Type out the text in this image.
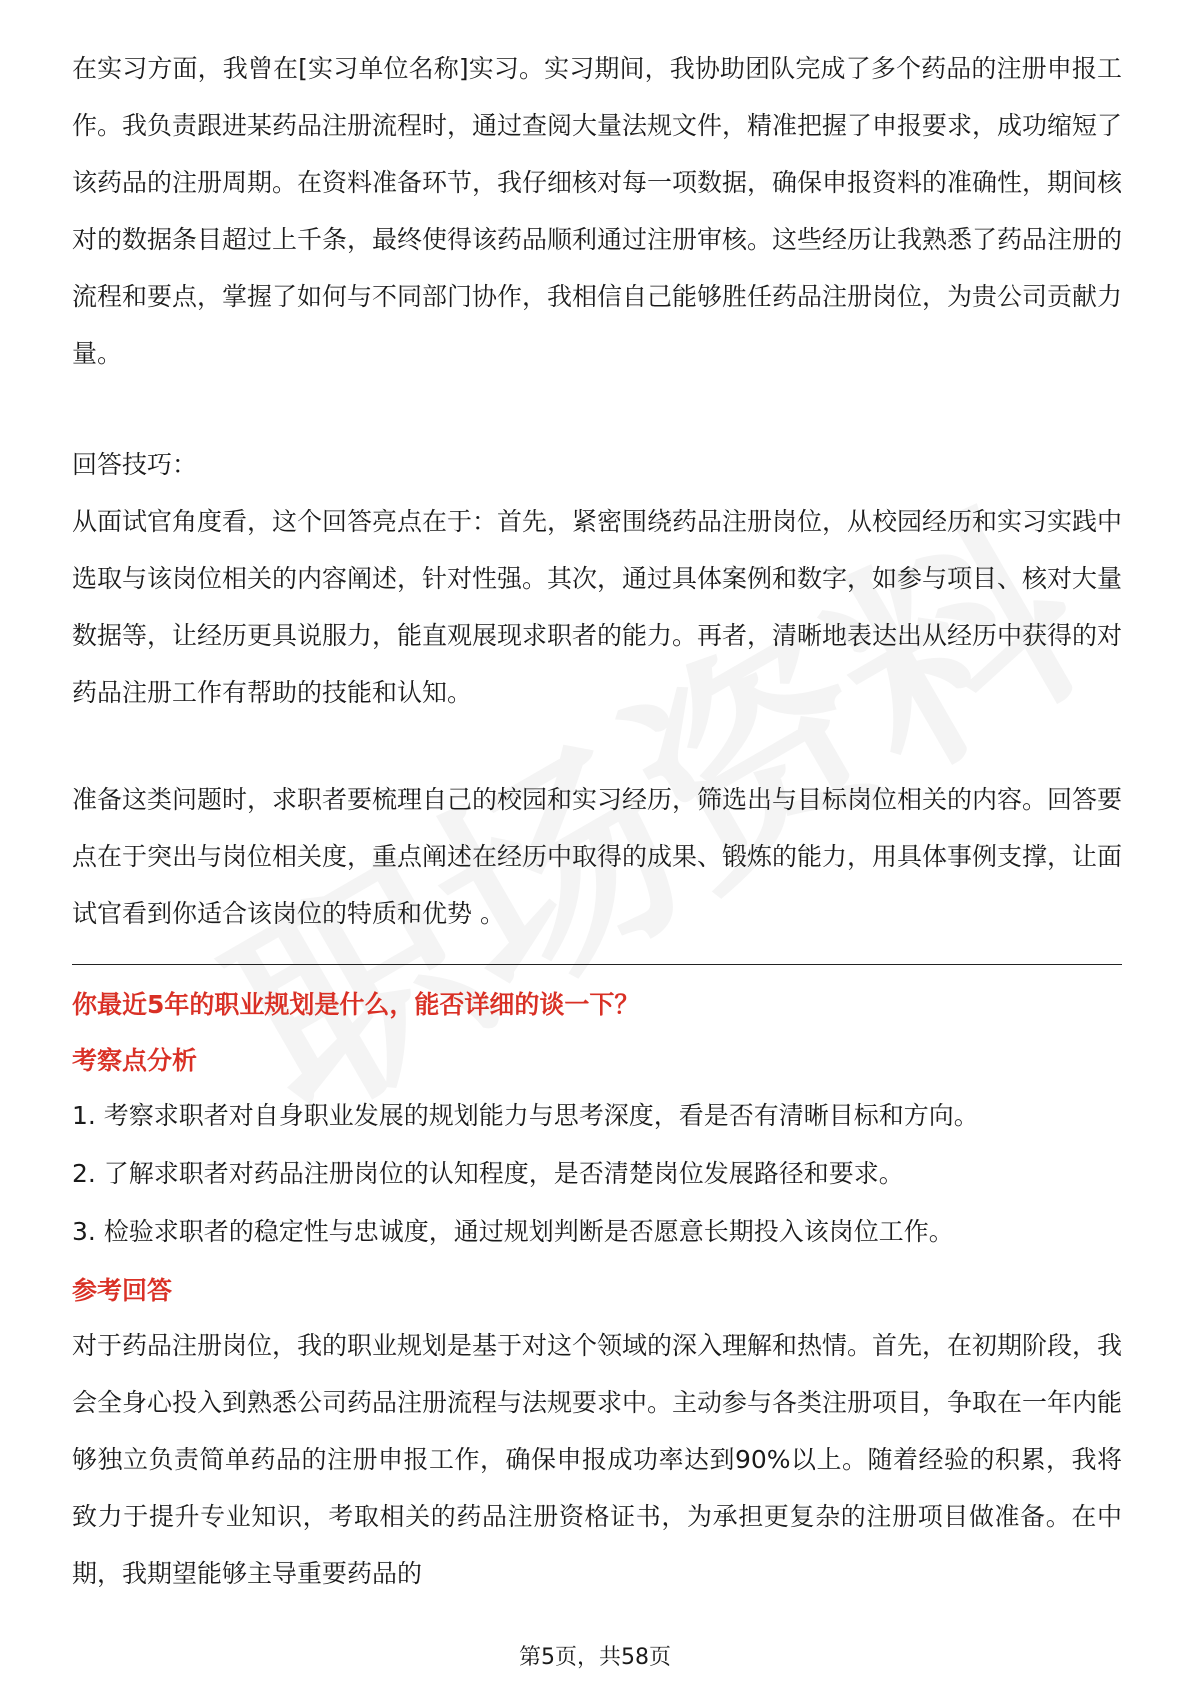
在实习方面，我曾在[实习单位名称]实习。实习期间，我协助团队完成了多个药品的注册申报工作。我负责跟进某药品注册流程时，通过查阅大量法规文件，精准把握了申报要求，成功缩短了该药品的注册周期。在资料准备环节，我仔细核对每一项数据，确保申报资料的准确性，期间核对的数据条目超过上千条，最终使得该药品顺利通过注册审核。这些经历让我熟悉了药品注册的流程和要点，掌握了如何与不同部门协作，我相信自己能够胜任药品注册岗位，为贵公司贡献力量。

回答技巧：

从面试官角度看，这个回答亮点在于：首先，紧密围绕药品注册岗位，从校园经历和实习实践中选取与该岗位相关的内容阐述，针对性强。其次，通过具体案例和数字，如参与项目、核对大量数据等，让经历更具说服力，能直观展现求职者的能力。再者，清晰地表达出从经历中获得的对药品注册工作有帮助的技能和认知。

准备这类问题时，求职者要梳理自己的校园和实习经历，筛选出与目标岗位相关的内容。回答要点在于突出与岗位相关度，重点阐述在经历中取得的成果、锻炼的能力，用具体事例支撑，让面试官看到你适合该岗位的特质和优势 。

你最近5年的职业规划是什么，能否详细的谈一下？

考察点分析

1. 考察求职者对自身职业发展的规划能力与思考深度，看是否有清晰目标和方向。

2. 了解求职者对药品注册岗位的认知程度，是否清楚岗位发展路径和要求。

3. 检验求职者的稳定性与忠诚度，通过规划判断是否愿意长期投入该岗位工作。

参考回答

对于药品注册岗位，我的职业规划是基于对这个领域的深入理解和热情。首先，在初期阶段，我会全身心投入到熟悉公司药品注册流程与法规要求中。主动参与各类注册项目，争取在一年内能够独立负责简单药品的注册申报工作，确保申报成功率达到90%以上。随着经验的积累，我将致力于提升专业知识，考取相关的药品注册资格证书，为承担更复杂的注册项目做准备。在中期，我期望能够主导重要药品的

第5页，共58页
